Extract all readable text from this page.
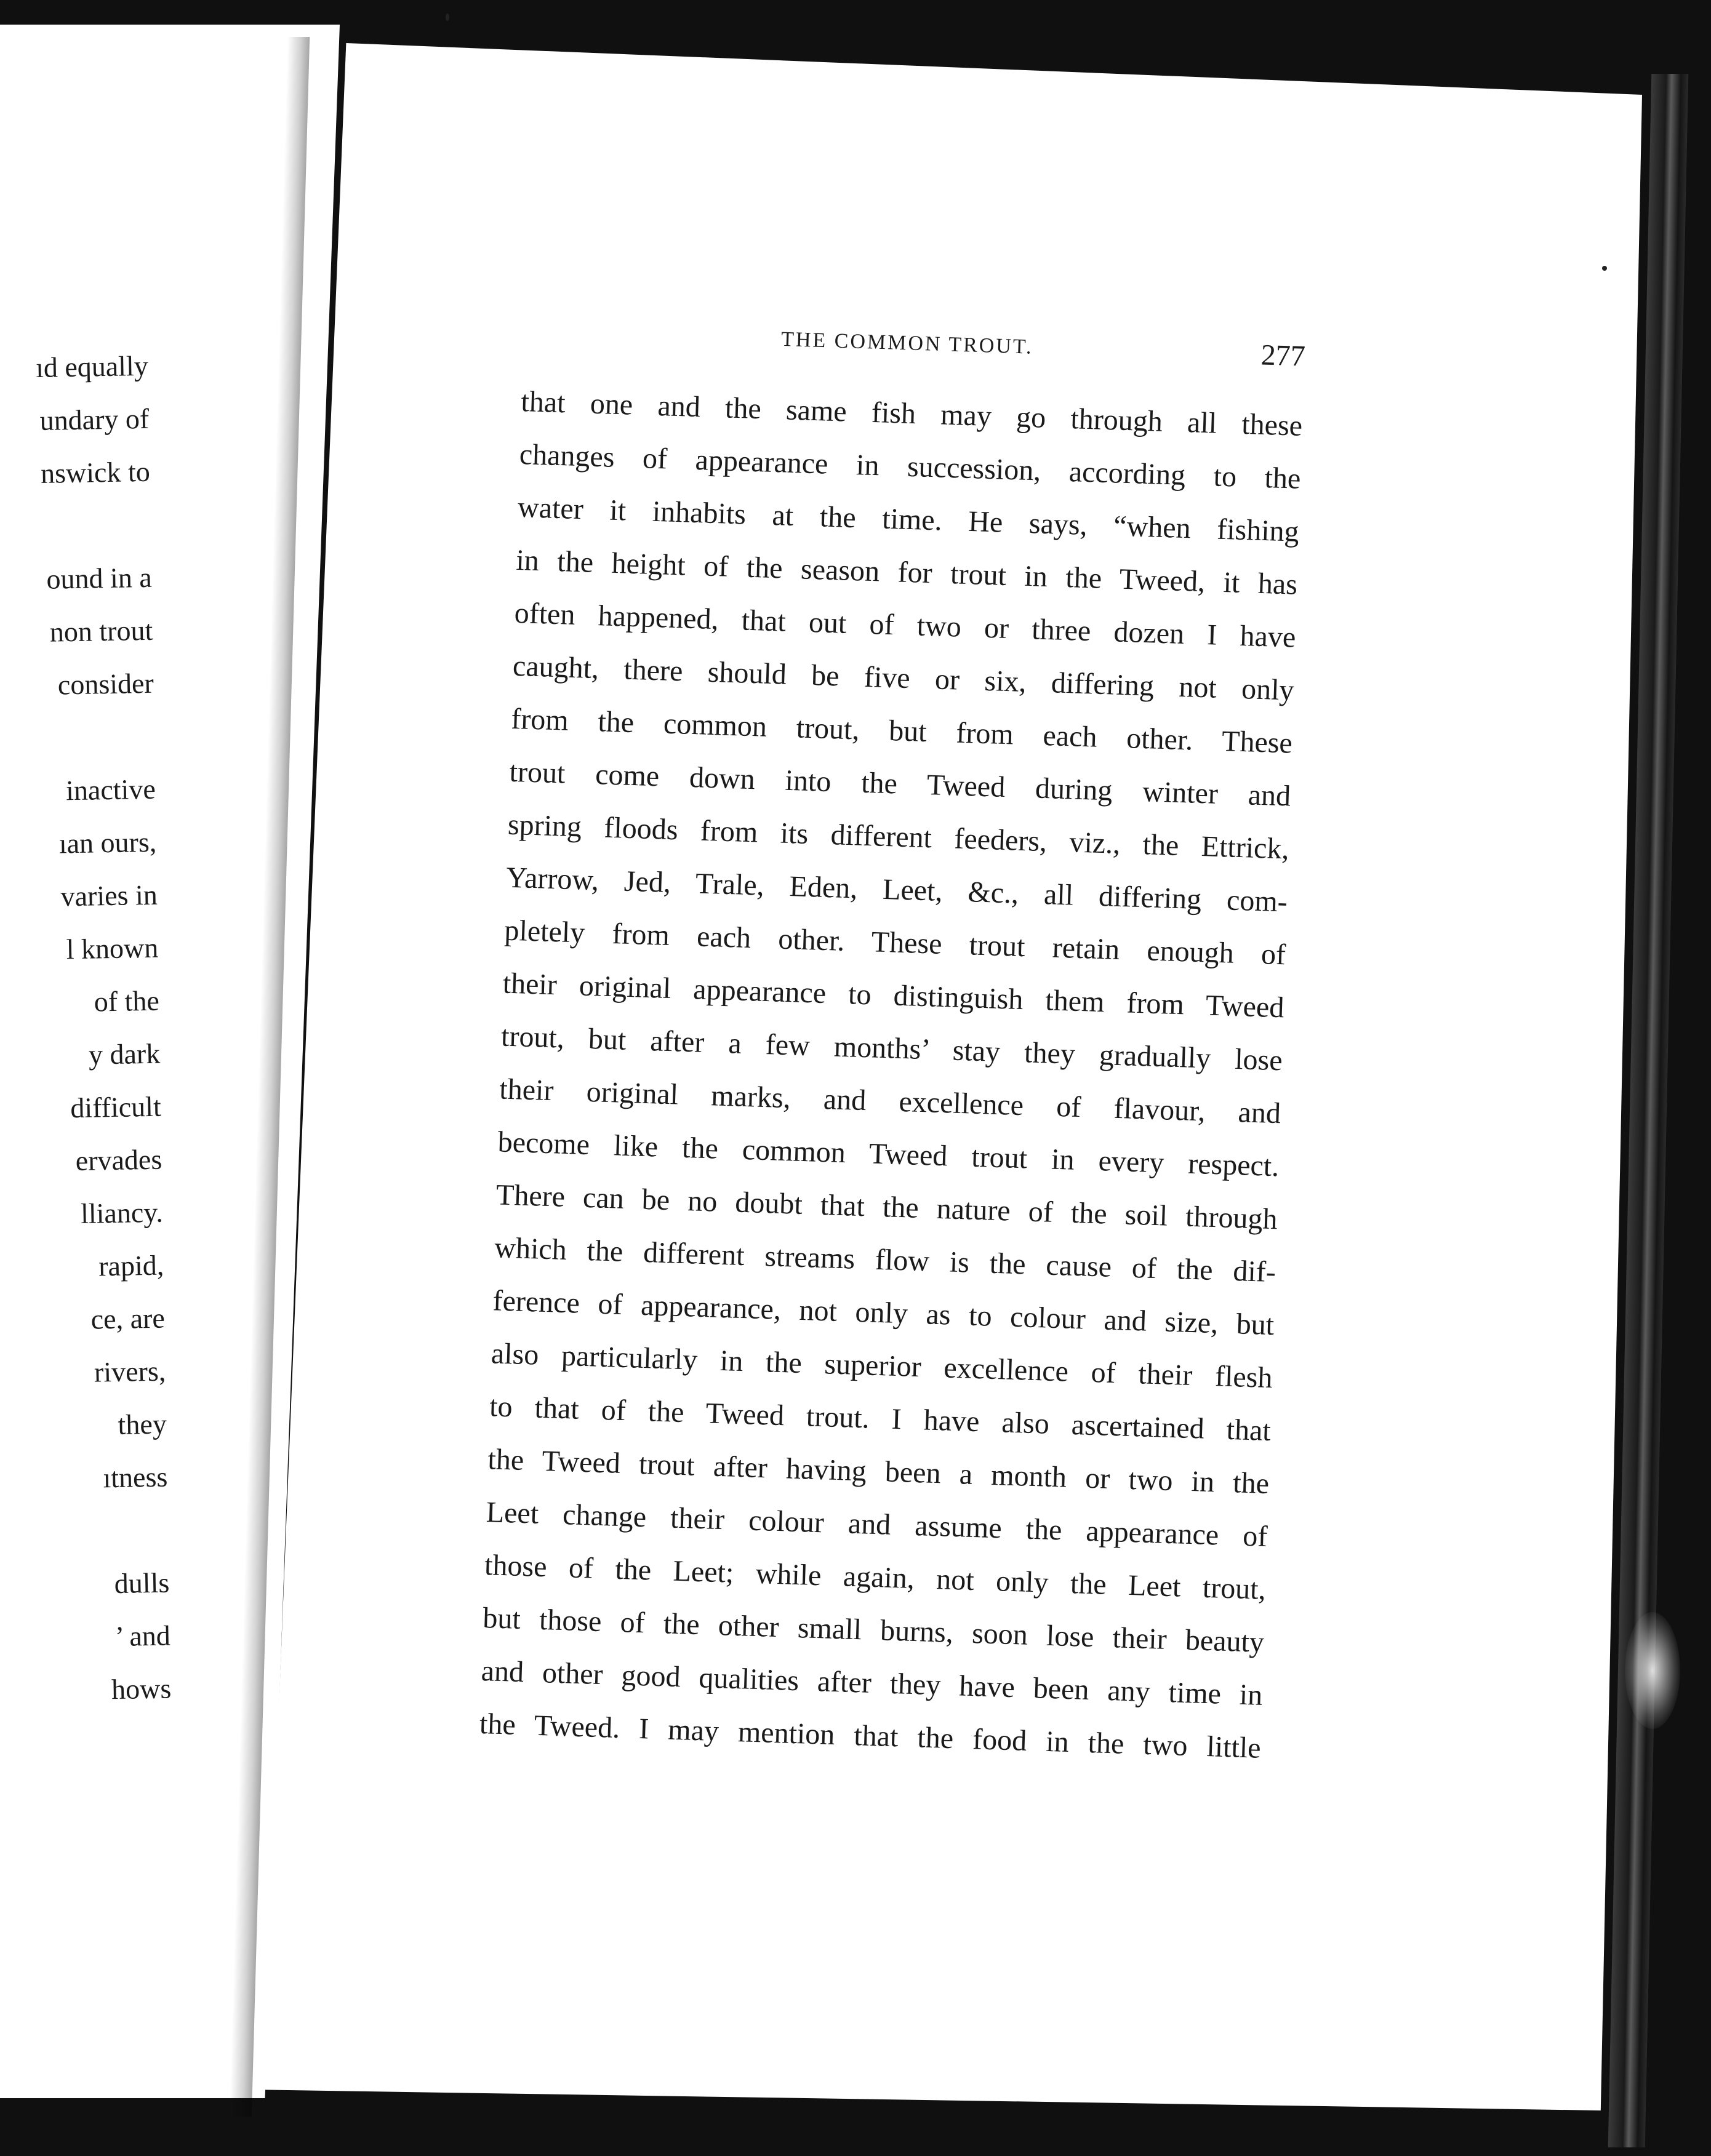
ıd equally
undary of
nswick to
ound in a
non trout
consider
inactive
ıan ours,
varies in
l known
of the
y dark
difficult
ervades
lliancy.
rapid,
ce, are
rivers,
they
ıtness
dulls
’ and
hows
THE COMMON TROUT.	277
that one and the same fish may go through all these
changes of appearance in succession, according to the
water it inhabits at the time. He says, “when fishing
in the height of the season for trout in the Tweed, it has
often happened, that out of two or three dozen I have
caught, there should be five or six, differing not only
from the common trout, but from each other. These
trout come down into the Tweed during winter and
spring floods from its different feeders, viz., the Ettrick,
Yarrow, Jed, Trale, Eden, Leet, &c., all differing com-
pletely from each other. These trout retain enough of
their original appearance to distinguish them from Tweed
trout, but after a few months’ stay they gradually lose
their original marks, and excellence of flavour, and
become like the common Tweed trout in every respect.
There can be no doubt that the nature of the soil through
which the different streams flow is the cause of the dif-
ference of appearance, not only as to colour and size, but
also particularly in the superior excellence of their flesh
to that of the Tweed trout. I have also ascertained that
the Tweed trout after having been a month or two in the
Leet change their colour and assume the appearance of
those of the Leet; while again, not only the Leet trout,
but those of the other small burns, soon lose their beauty
and other good qualities after they have been any time in
the Tweed. I may mention that the food in the two little
